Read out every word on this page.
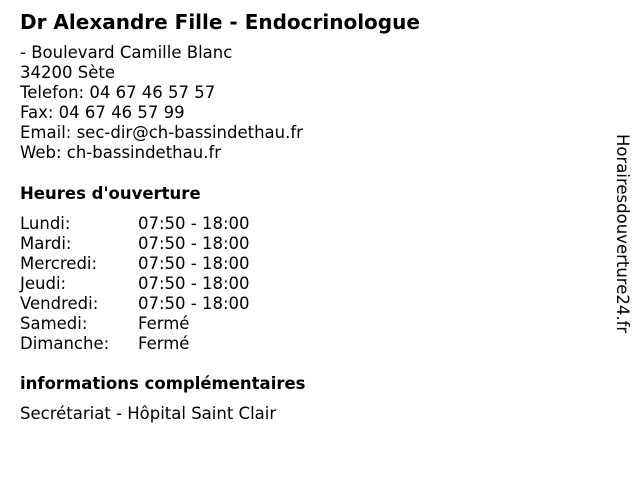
Dr Alexandre Fille - Endocrinologue
- Boulevard Camille Blanc
34200 Sète
Telefon: 04 67 46 57 57
Fax: 04 67 46 57 99
Email: sec-dir@ch-bassindethau.fr
Web: ch-bassindethau.fr
Heures d'ouverture
Lundi:	07:50 - 18:00
Mardi:	07:50 - 18:00
Mercredi:	07:50 - 18:00
Jeudi:	07:50 - 18:00
Vendredi:	07:50 - 18:00
Samedi:	Fermé
Dimanche:	Fermé
informations complémentaires
Secrétariat - Hôpital Saint Clair
Horairesdouverture24.fr
